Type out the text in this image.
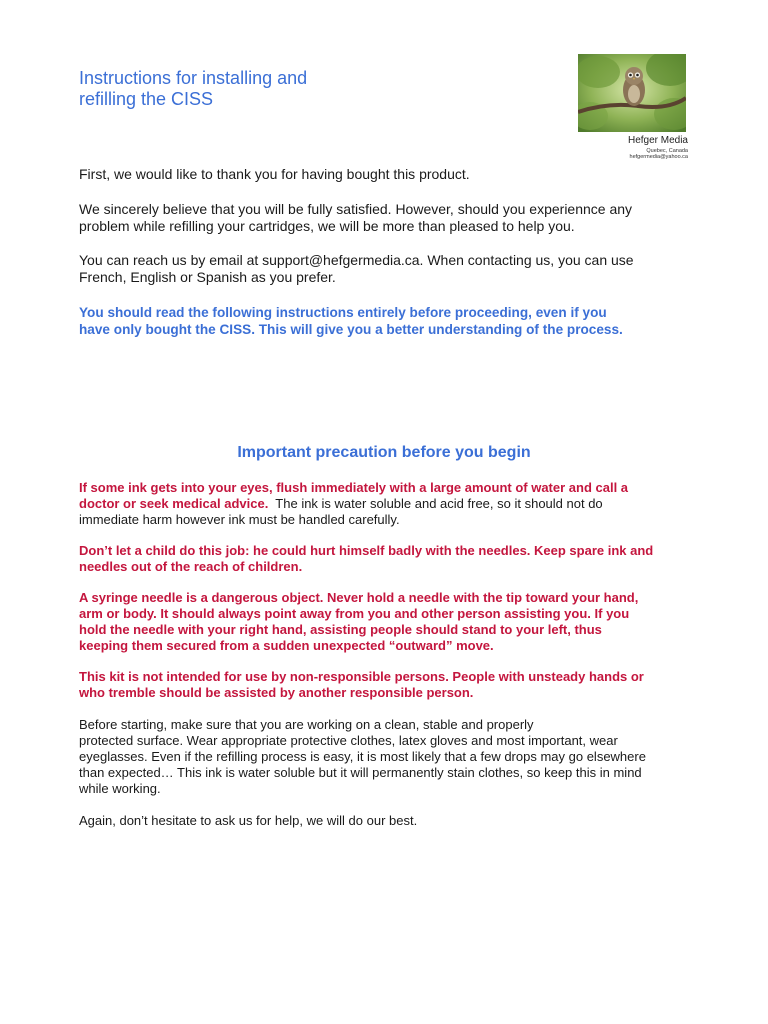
Instructions for installing and
refilling the CISS
Hefger Media
Quebec, Canada
hefgermedia@yahoo.ca

First, we would like to thank you for having bought this product.

We sincerely believe that you will be fully satisfied. However, should you experiennce any
problem while refilling your cartridges, we will be more than pleased to help you.

You can reach us by email at support@hefgermedia.ca. When contacting us, you can use
French, English or Spanish as you prefer.

You should read the following instructions entirely before proceeding, even if you
have only bought the CISS. This will give you a better understanding of the process.

Important precaution before you begin

If some ink gets into your eyes, flush immediately with a large amount of water and call a
doctor or seek medical advice.  The ink is water soluble and acid free, so it should not do
immediate harm however ink must be handled carefully.

Don’t let a child do this job: he could hurt himself badly with the needles. Keep spare ink and
needles out of the reach of children.

A syringe needle is a dangerous object. Never hold a needle with the tip toward your hand,
arm or body. It should always point away from you and other person assisting you. If you
hold the needle with your right hand, assisting people should stand to your left, thus
keeping them secured from a sudden unexpected “outward” move.

This kit is not intended for use by non-responsible persons. People with unsteady hands or
who tremble should be assisted by another responsible person.

Before starting, make sure that you are working on a clean, stable and properly
protected surface. Wear appropriate protective clothes, latex gloves and most important, wear
eyeglasses. Even if the refilling process is easy, it is most likely that a few drops may go elsewhere
than expected… This ink is water soluble but it will permanently stain clothes, so keep this in mind
while working.

Again, don’t hesitate to ask us for help, we will do our best.
